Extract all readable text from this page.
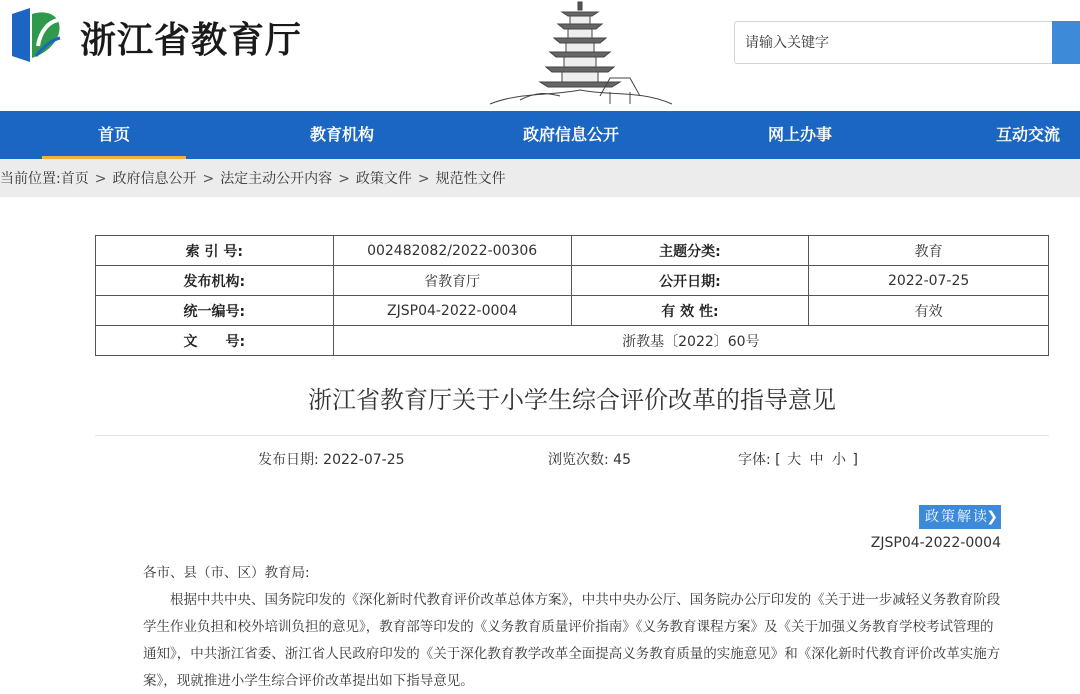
浙江省教育厅
请输入关键字
首页	教育机构	政府信息公开	网上办事	互动交流
当前位置:首页 > 政府信息公开 > 法定主动公开内容 > 政策文件 > 规范性文件
索 引 号:	002482082/2022-00306	主题分类:	教育
发布机构:	省教育厅	公开日期:	2022-07-25
统一编号:	ZJSP04-2022-0004	有 效 性:	有效
文　　号:	浙教基〔2022〕60号		
浙江省教育厅关于小学生综合评价改革的指导意见
发布日期: 2022-07-25	浏览次数: 45	字体: [ 大 中 小 ]
政策解读
❯
ZJSP04-2022-0004

各市、县（市、区）教育局:

根据中共中央、国务院印发的《深化新时代教育评价改革总体方案》，中共中央办公厅、国务院办公厅印发的《关于进一步减轻义务教育阶段学生作业负担和校外培训负担的意见》，教育部等印发的《义务教育质量评价指南》《义务教育课程方案》及《关于加强义务教育学校考试管理的通知》，中共浙江省委、浙江省人民政府印发的《关于深化教育教学改革全面提高义务教育质量的实施意见》和《深化新时代教育评价改革实施方案》，现就推进小学生综合评价改革提出如下指导意见。
